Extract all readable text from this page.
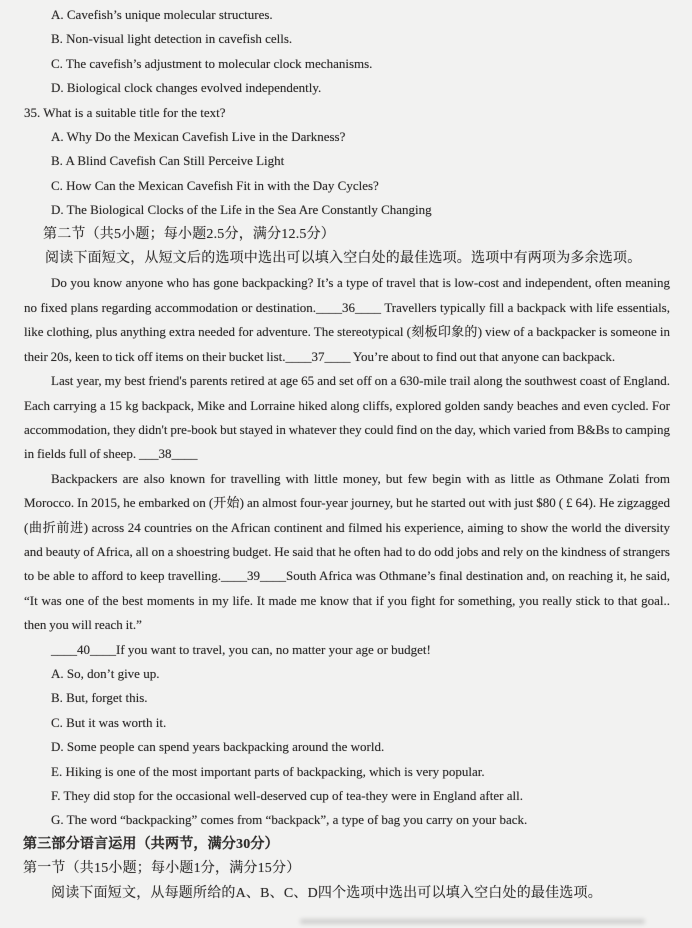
A. Cavefish’s unique molecular structures.
B. Non-visual light detection in cavefish cells.
C. The cavefish’s adjustment to molecular clock mechanisms.
D. Biological clock changes evolved independently.
35. What is a suitable title for the text?
A. Why Do the Mexican Cavefish Live in the Darkness?
B. A Blind Cavefish Can Still Perceive Light
C. How Can the Mexican Cavefish Fit in with the Day Cycles?
D. The Biological Clocks of the Life in the Sea Are Constantly Changing
第二节（共5小题；每小题2.5分，满分12.5分）
阅读下面短文，从短文后的选项中选出可以填入空白处的最佳选项。选项中有两项为多余选项。
Do you know anyone who has gone backpacking? It’s a type of travel that is low-cost and independent, often meaning no fixed plans regarding accommodation or destination.____36____ Travellers typically fill a backpack with life essentials, like clothing, plus anything extra needed for adventure. The stereotypical (刻板印象的) view of a backpacker is someone in their 20s, keen to tick off items on their bucket list.____37____ You’re about to find out that anyone can backpack.
Last year, my best friend's parents retired at age 65 and set off on a 630-mile trail along the southwest coast of England. Each carrying a 15 kg backpack, Mike and Lorraine hiked along cliffs, explored golden sandy beaches and even cycled. For accommodation, they didn't pre-book but stayed in whatever they could find on the day, which varied from B&Bs to camping in fields full of sheep. ___38____
Backpackers are also known for travelling with little money, but few begin with as little as Othmane Zolati from Morocco. In 2015, he embarked on (开始) an almost four-year journey, but he started out with just $80 ( £ 64). He zigzagged (曲折前进) across 24 countries on the African continent and filmed his experience, aiming to show the world the diversity and beauty of Africa, all on a shoestring budget. He said that he often had to do odd jobs and rely on the kindness of strangers to be able to afford to keep travelling.____39____South Africa was Othmane’s final destination and, on reaching it, he said, “It was one of the best moments in my life. It made me know that if you fight for something, you really stick to that goal.. then you will reach it.”
____40____If you want to travel, you can, no matter your age or budget!
A. So, don’t give up.
B. But, forget this.
C. But it was worth it.
D. Some people can spend years backpacking around the world.
E. Hiking is one of the most important parts of backpacking, which is very popular.
F. They did stop for the occasional well-deserved cup of tea-they were in England after all.
G. The word “backpacking” comes from “backpack”, a type of bag you carry on your back.
第三部分语言运用（共两节，满分30分）
第一节（共15小题；每小题1分，满分15分）
阅读下面短文，从每题所给的A、B、C、D四个选项中选出可以填入空白处的最佳选项。
